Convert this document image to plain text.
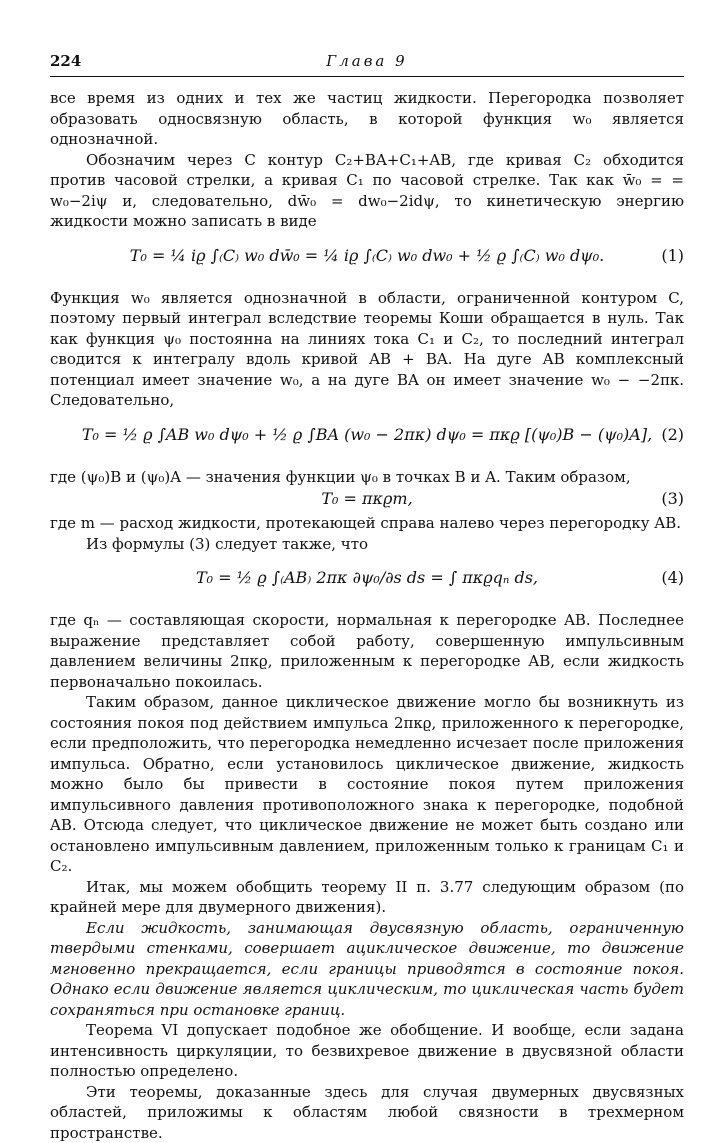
224	Глава 9

все время из одних и тех же частиц жидкости. Перегородка позволяет образовать односвязную область, в которой функция w₀ является однозначной.

Обозначим через C контур C₂+BA+C₁+AB, где кривая C₂ обходится против часовой стрелки, а кривая C₁ по часовой стрелке. Так как w̄₀ = = w₀−2iψ и, следовательно, dw̄₀ = dw₀−2idψ, то кинетическую энергию жидкости можно записать в виде

T₀ = ¼ iϱ ∫₍C₎ w₀ dw̄₀ = ¼ iϱ ∫₍C₎ w₀ dw₀ + ½ ϱ ∫₍C₎ w₀ dψ₀.	(1)

Функция w₀ является однозначной в области, ограниченной контуром C, поэтому первый интеграл вследствие теоремы Коши обращается в нуль. Так как функция ψ₀ постоянна на линиях тока C₁ и C₂, то последний интеграл сводится к интегралу вдоль кривой AB + BA. На дуге AB комплексный потенциал имеет значение w₀, а на дуге BA он имеет значение w₀ − −2πκ. Следовательно,

T₀ = ½ ϱ ∫AB w₀ dψ₀ + ½ ϱ ∫BA (w₀ − 2πκ) dψ₀ = πκϱ [(ψ₀)B − (ψ₀)A], (2)

где (ψ₀)B и (ψ₀)A — значения функции ψ₀ в точках B и A. Таким образом,

T₀ = πκϱm,	(3)

где m — расход жидкости, протекающей справа налево через перегородку AB.

Из формулы (3) следует также, что

T₀ = ½ ϱ ∫₍AB₎ 2πκ ∂ψ₀/∂s ds = ∫ πκϱqₙ ds,	(4)

где qₙ — составляющая скорости, нормальная к перегородке AB. Последнее выражение представляет собой работу, совершенную импульсивным давлением величины 2πκϱ, приложенным к перегородке AB, если жидкость первоначально покоилась.

Таким образом, данное циклическое движение могло бы возникнуть из состояния покоя под действием импульса 2πκϱ, приложенного к перегородке, если предположить, что перегородка немедленно исчезает после приложения импульса. Обратно, если установилось циклическое движение, жидкость можно было бы привести в состояние покоя путем приложения импульсивного давления противоположного знака к перегородке, подобной AB. Отсюда следует, что циклическое движение не может быть создано или остановлено импульсивным давлением, приложенным только к границам C₁ и C₂.

Итак, мы можем обобщить теорему II п. 3.77 следующим образом (по крайней мере для двумерного движения).

Если жидкость, занимающая двусвязную область, ограниченную твердыми стенками, совершает ациклическое движение, то движение мгновенно прекращается, если границы приводятся в состояние покоя. Однако если движение является циклическим, то циклическая часть будет сохраняться при остановке границ.

Теорема VI допускает подобное же обобщение. И вообще, если задана интенсивность циркуляции, то безвихревое движение в двусвязной области полностью определено.

Эти теоремы, доказанные здесь для случая двумерных двусвязных областей, приложимы к областям любой связности в трехмерном пространстве.
